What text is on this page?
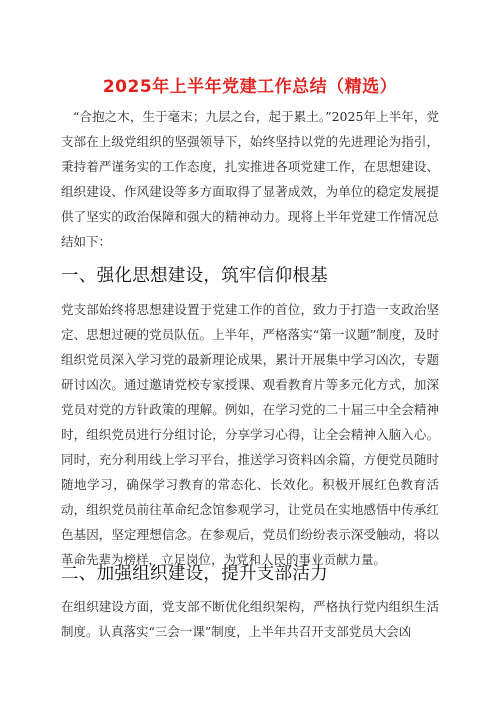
2025年上半年党建工作总结（精选）

“合抱之木，生于毫末；九层之台，起于累土。”2025年上半年，党支部在上级党组织的坚强领导下，始终坚持以党的先进理论为指引，秉持着严谨务实的工作态度，扎实推进各项党建工作，在思想建设、组织建设、作风建设等多方面取得了显著成效，为单位的稳定发展提供了坚实的政治保障和强大的精神动力。现将上半年党建工作情况总结如下：

一、强化思想建设，筑牢信仰根基

党支部始终将思想建设置于党建工作的首位，致力于打造一支政治坚定、思想过硬的党员队伍。上半年，严格落实“第一议题”制度，及时组织党员深入学习党的最新理论成果，累计开展集中学习凶次，专题研讨凶次。通过邀请党校专家授课、观看教育片等多元化方式，加深党员对党的方针政策的理解。例如，在学习党的二十届三中全会精神时，组织党员进行分组讨论，分享学习心得，让全会精神入脑入心。同时，充分利用线上学习平台，推送学习资料凶余篇，方便党员随时随地学习，确保学习教育的常态化、长效化。积极开展红色教育活动，组织党员前往革命纪念馆参观学习，让党员在实地感悟中传承红色基因，坚定理想信念。在参观后，党员们纷纷表示深受触动，将以革命先辈为榜样，立足岗位，为党和人民的事业贡献力量。

二、加强组织建设，提升支部活力

在组织建设方面，党支部不断优化组织架构，严格执行党内组织生活制度。认真落实“三会一课”制度，上半年共召开支部党员大会凶
